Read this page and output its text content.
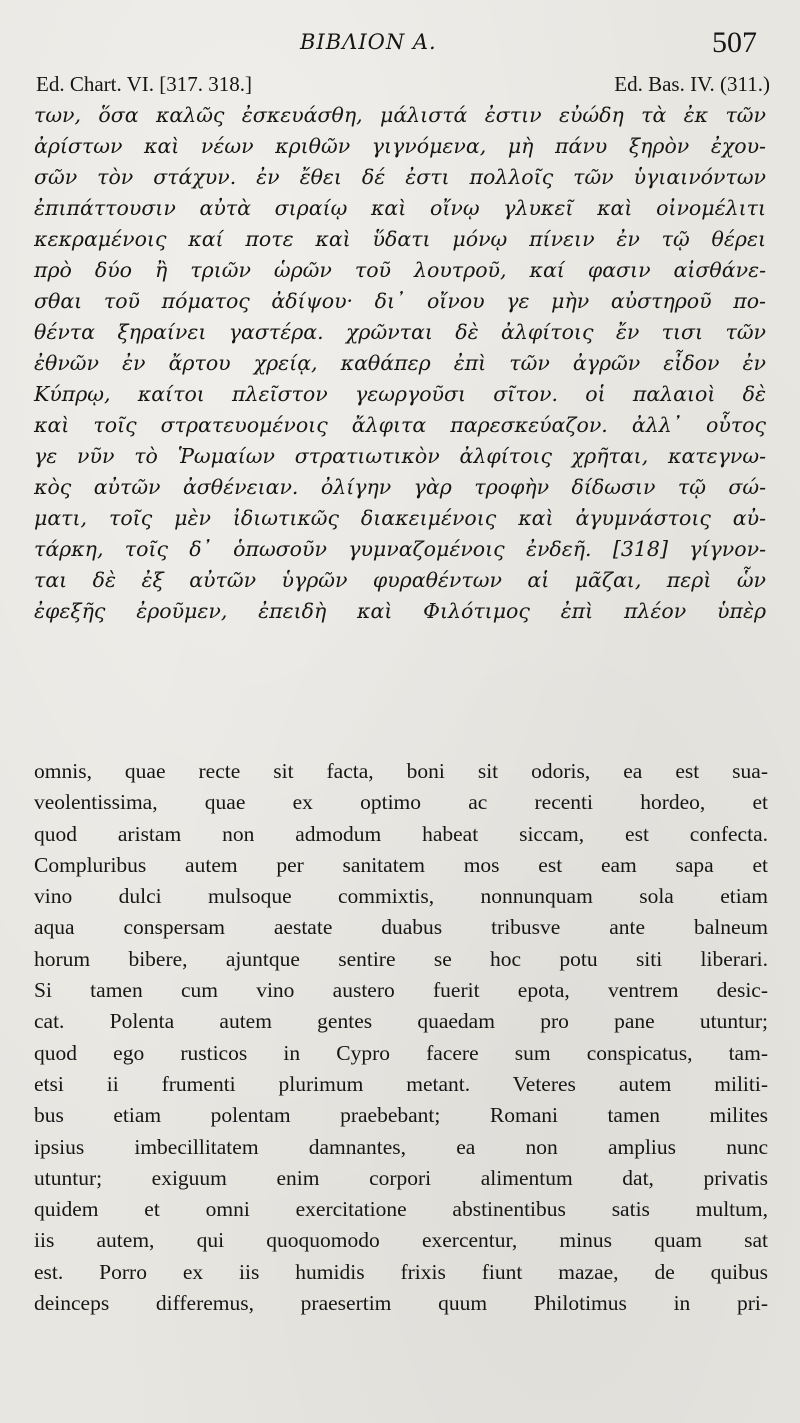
BIBΛΙΟΝ Α.	507
Ed. Chart. VI. [317. 318.]	Ed. Bas. IV. (311.)
των, ὅσα καλῶς ἐσκευάσθη, μάλιστά ἐστιν εὐώδη τὰ ἐκ τῶν
ἀρίστων καὶ νέων κριθῶν γιγνόμενα, μὴ πάνυ ξηρὸν ἐχου-
σῶν τὸν στάχυν. ἐν ἔθει δέ ἐστι πολλοῖς τῶν ὑγιαινόντων
ἐπιπάττουσιν αὐτὰ σιραίῳ καὶ οἴνῳ γλυκεῖ καὶ οἰνομέλιτι
κεκραμένοις καί ποτε καὶ ὕδατι μόνῳ πίνειν ἐν τῷ θέρει
πρὸ δύο ἢ τριῶν ὡρῶν τοῦ λουτροῦ, καί φασιν αἰσθάνε-
σθαι τοῦ πόματος ἀδίψου· δι᾿ οἴνου γε μὴν αὐστηροῦ πο-
θέντα ξηραίνει γαστέρα. χρῶνται δὲ ἀλφίτοις ἔν τισι τῶν
ἐθνῶν ἐν ἄρτου χρείᾳ, καθάπερ ἐπὶ τῶν ἀγρῶν εἶδον ἐν
Κύπρῳ, καίτοι πλεῖστον γεωργοῦσι σῖτον. οἱ παλαιοὶ δὲ
καὶ τοῖς στρατευομένοις ἄλφιτα παρεσκεύαζον. ἀλλ᾿ οὗτος
γε νῦν τὸ Ῥωμαίων στρατιωτικὸν ἀλφίτοις χρῆται, κατεγνω-
κὸς αὐτῶν ἀσθένειαν. ὀλίγην γὰρ τροφὴν δίδωσιν τῷ σώ-
ματι, τοῖς μὲν ἰδιωτικῶς διακειμένοις καὶ ἀγυμνάστοις αὐ-
τάρκη, τοῖς δ᾿ ὁπωσοῦν γυμναζομένοις ἐνδεῆ. [318] γίγνον-
ται δὲ ἐξ αὐτῶν ὑγρῶν φυραθέντων αἱ μᾶζαι, περὶ ὧν
ἐφεξῆς ἐροῦμεν, ἐπειδὴ καὶ Φιλότιμος ἐπὶ πλέον ὑπὲρ
omnis, quae recte sit facta, boni sit odoris, ea est sua-
veolentissima, quae ex optimo ac recenti hordeo, et
quod aristam non admodum habeat siccam, est confecta.
Compluribus autem per sanitatem mos est eam sapa et
vino dulci mulsoque commixtis, nonnunquam sola etiam
aqua conspersam aestate duabus tribusve ante balneum
horum bibere, ajuntque sentire se hoc potu siti liberari.
Si tamen cum vino austero fuerit epota, ventrem desic-
cat. Polenta autem gentes quaedam pro pane utuntur;
quod ego rusticos in Cypro facere sum conspicatus, tam-
etsi ii frumenti plurimum metant. Veteres autem militi-
bus etiam polentam praebebant; Romani tamen milites
ipsius imbecillitatem damnantes, ea non amplius nunc
utuntur; exiguum enim corpori alimentum dat, privatis
quidem et omni exercitatione abstinentibus satis multum,
iis autem, qui quoquomodo exercentur, minus quam sat
est. Porro ex iis humidis frixis fiunt mazae, de quibus
deinceps differemus, praesertim quum Philotimus in pri-
